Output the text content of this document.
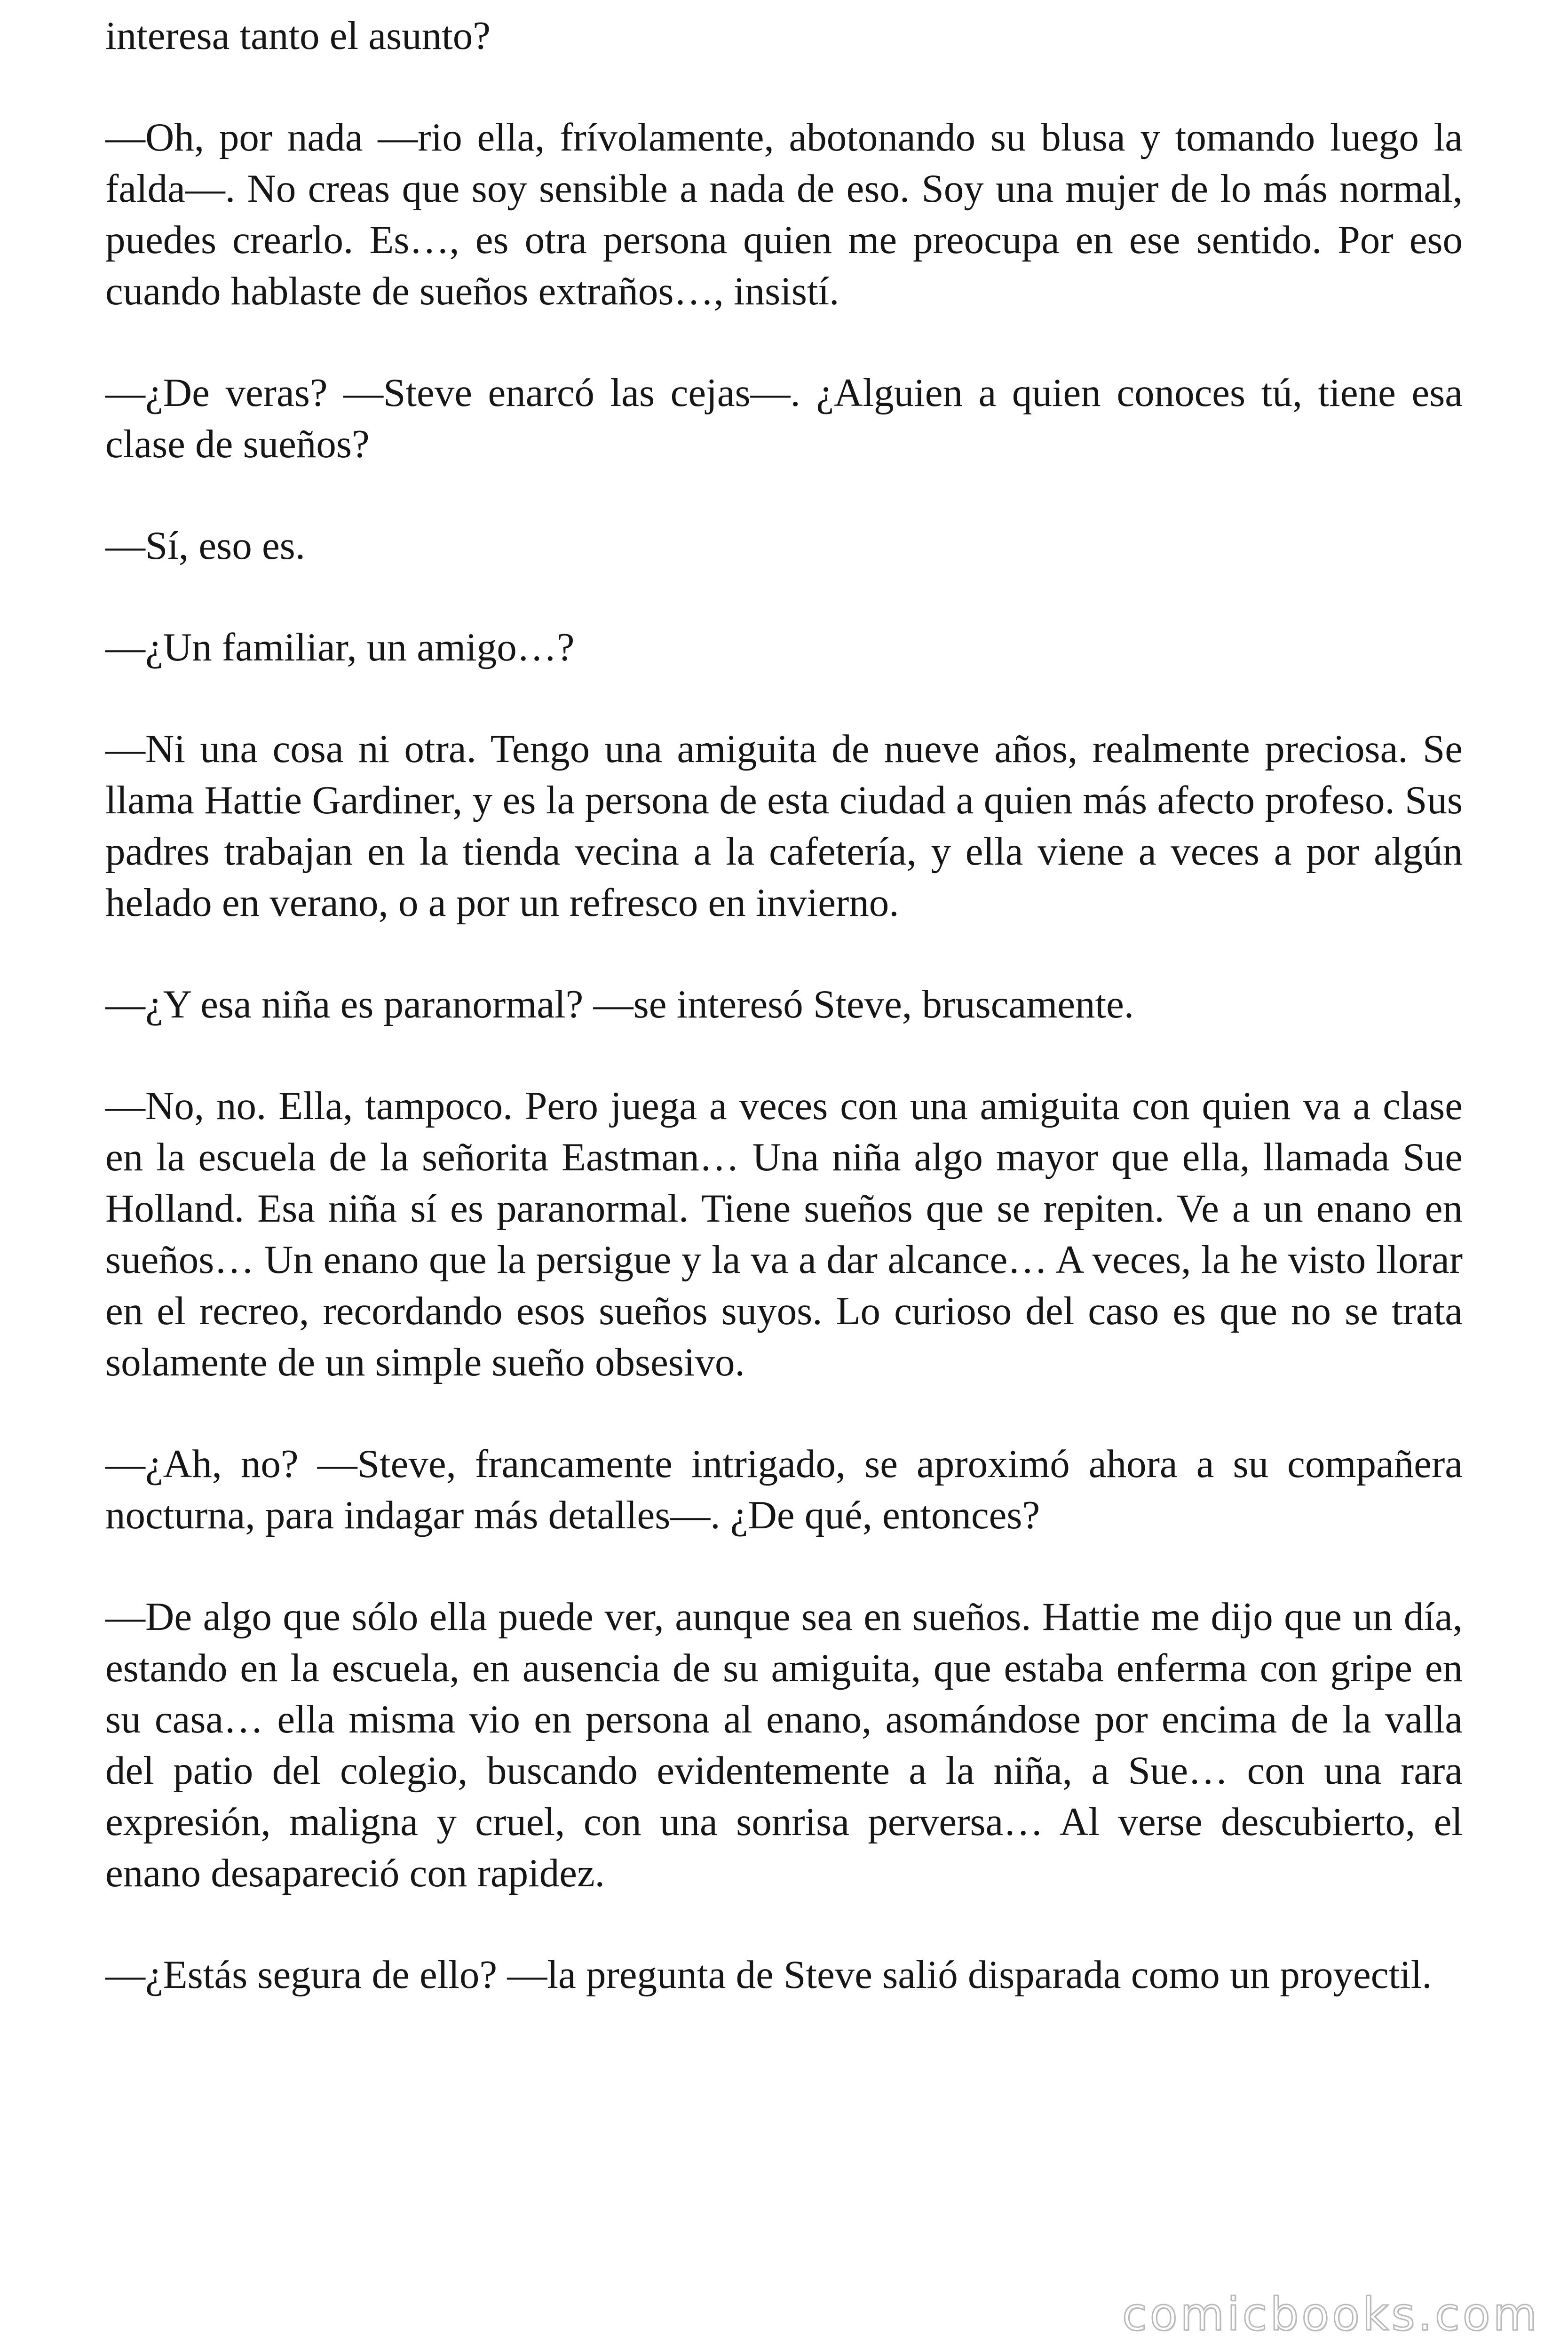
interesa tanto el asunto?

—Oh, por nada —rio ella, frívolamente, abotonando su blusa y tomando luego la falda—. No creas que soy sensible a nada de eso. Soy una mujer de lo más normal, puedes crearlo. Es…, es otra persona quien me preocupa en ese sentido. Por eso cuando hablaste de sueños extraños…, insistí.

—¿De veras? —Steve enarcó las cejas—. ¿Alguien a quien conoces tú, tiene esa clase de sueños?

—Sí, eso es.

—¿Un familiar, un amigo…?

—Ni una cosa ni otra. Tengo una amiguita de nueve años, realmente preciosa. Se llama Hattie Gardiner, y es la persona de esta ciudad a quien más afecto profeso. Sus padres trabajan en la tienda vecina a la cafetería, y ella viene a veces a por algún helado en verano, o a por un refresco en invierno.

—¿Y esa niña es paranormal? —se interesó Steve, bruscamente.

—No, no. Ella, tampoco. Pero juega a veces con una amiguita con quien va a clase en la escuela de la señorita Eastman… Una niña algo mayor que ella, llamada Sue Holland. Esa niña sí es paranormal. Tiene sueños que se repiten. Ve a un enano en sueños… Un enano que la persigue y la va a dar alcance… A veces, la he visto llorar en el recreo, recordando esos sueños suyos. Lo curioso del caso es que no se trata solamente de un simple sueño obsesivo.

—¿Ah, no? —Steve, francamente intrigado, se aproximó ahora a su compañera nocturna, para indagar más detalles—. ¿De qué, entonces?

—De algo que sólo ella puede ver, aunque sea en sueños. Hattie me dijo que un día, estando en la escuela, en ausencia de su amiguita, que estaba enferma con gripe en su casa… ella misma vio en persona al enano, asomándose por encima de la valla del patio del colegio, buscando evidentemente a la niña, a Sue… con una rara expresión, maligna y cruel, con una sonrisa perversa… Al verse descubierto, el enano desapareció con rapidez.

—¿Estás segura de ello? —la pregunta de Steve salió disparada como un proyectil.

comicbooks.com
